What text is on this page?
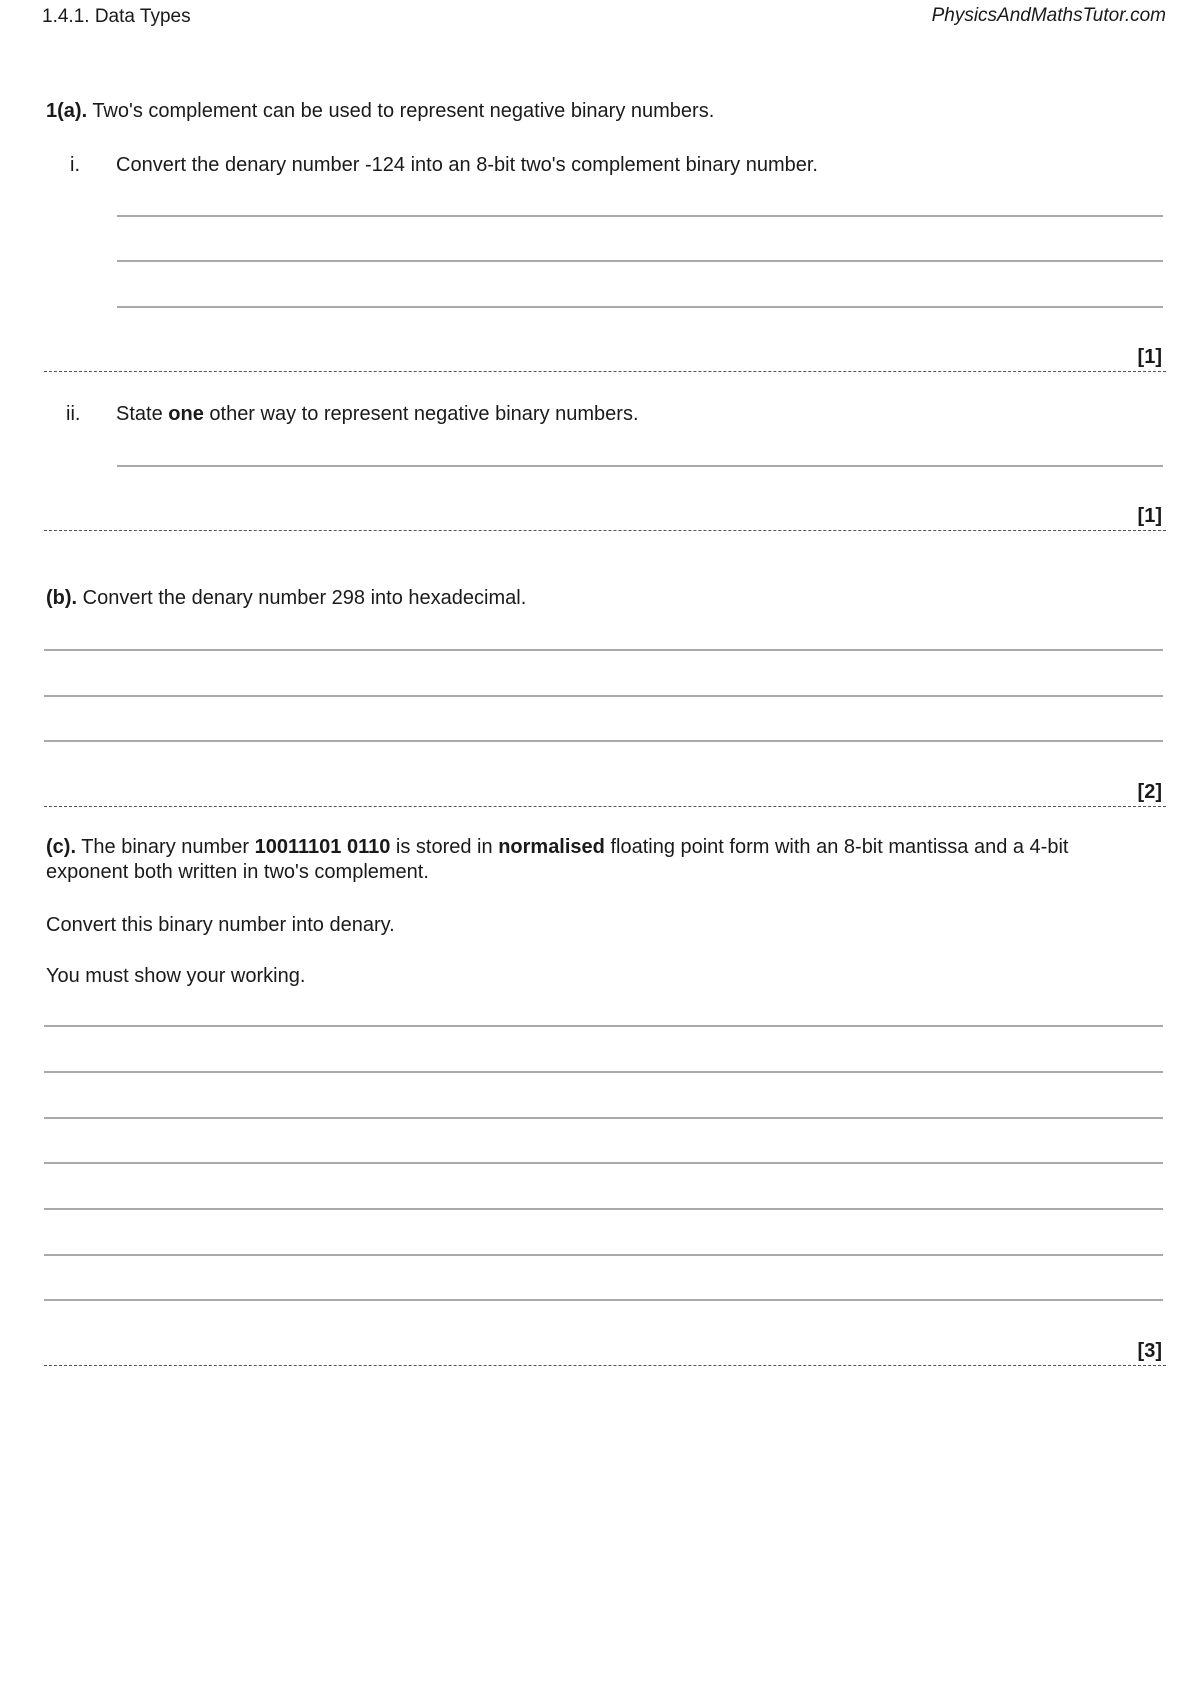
1.4.1. Data Types	PhysicsAndMathsTutor.com
1(a). Two's complement can be used to represent negative binary numbers.
i. Convert the denary number -124 into an 8-bit two's complement binary number.
[1]
ii. State one other way to represent negative binary numbers.
[1]
(b). Convert the denary number 298 into hexadecimal.
[2]
(c). The binary number 10011101 0110 is stored in normalised floating point form with an 8-bit mantissa and a 4-bit exponent both written in two's complement.
Convert this binary number into denary.
You must show your working.
[3]
